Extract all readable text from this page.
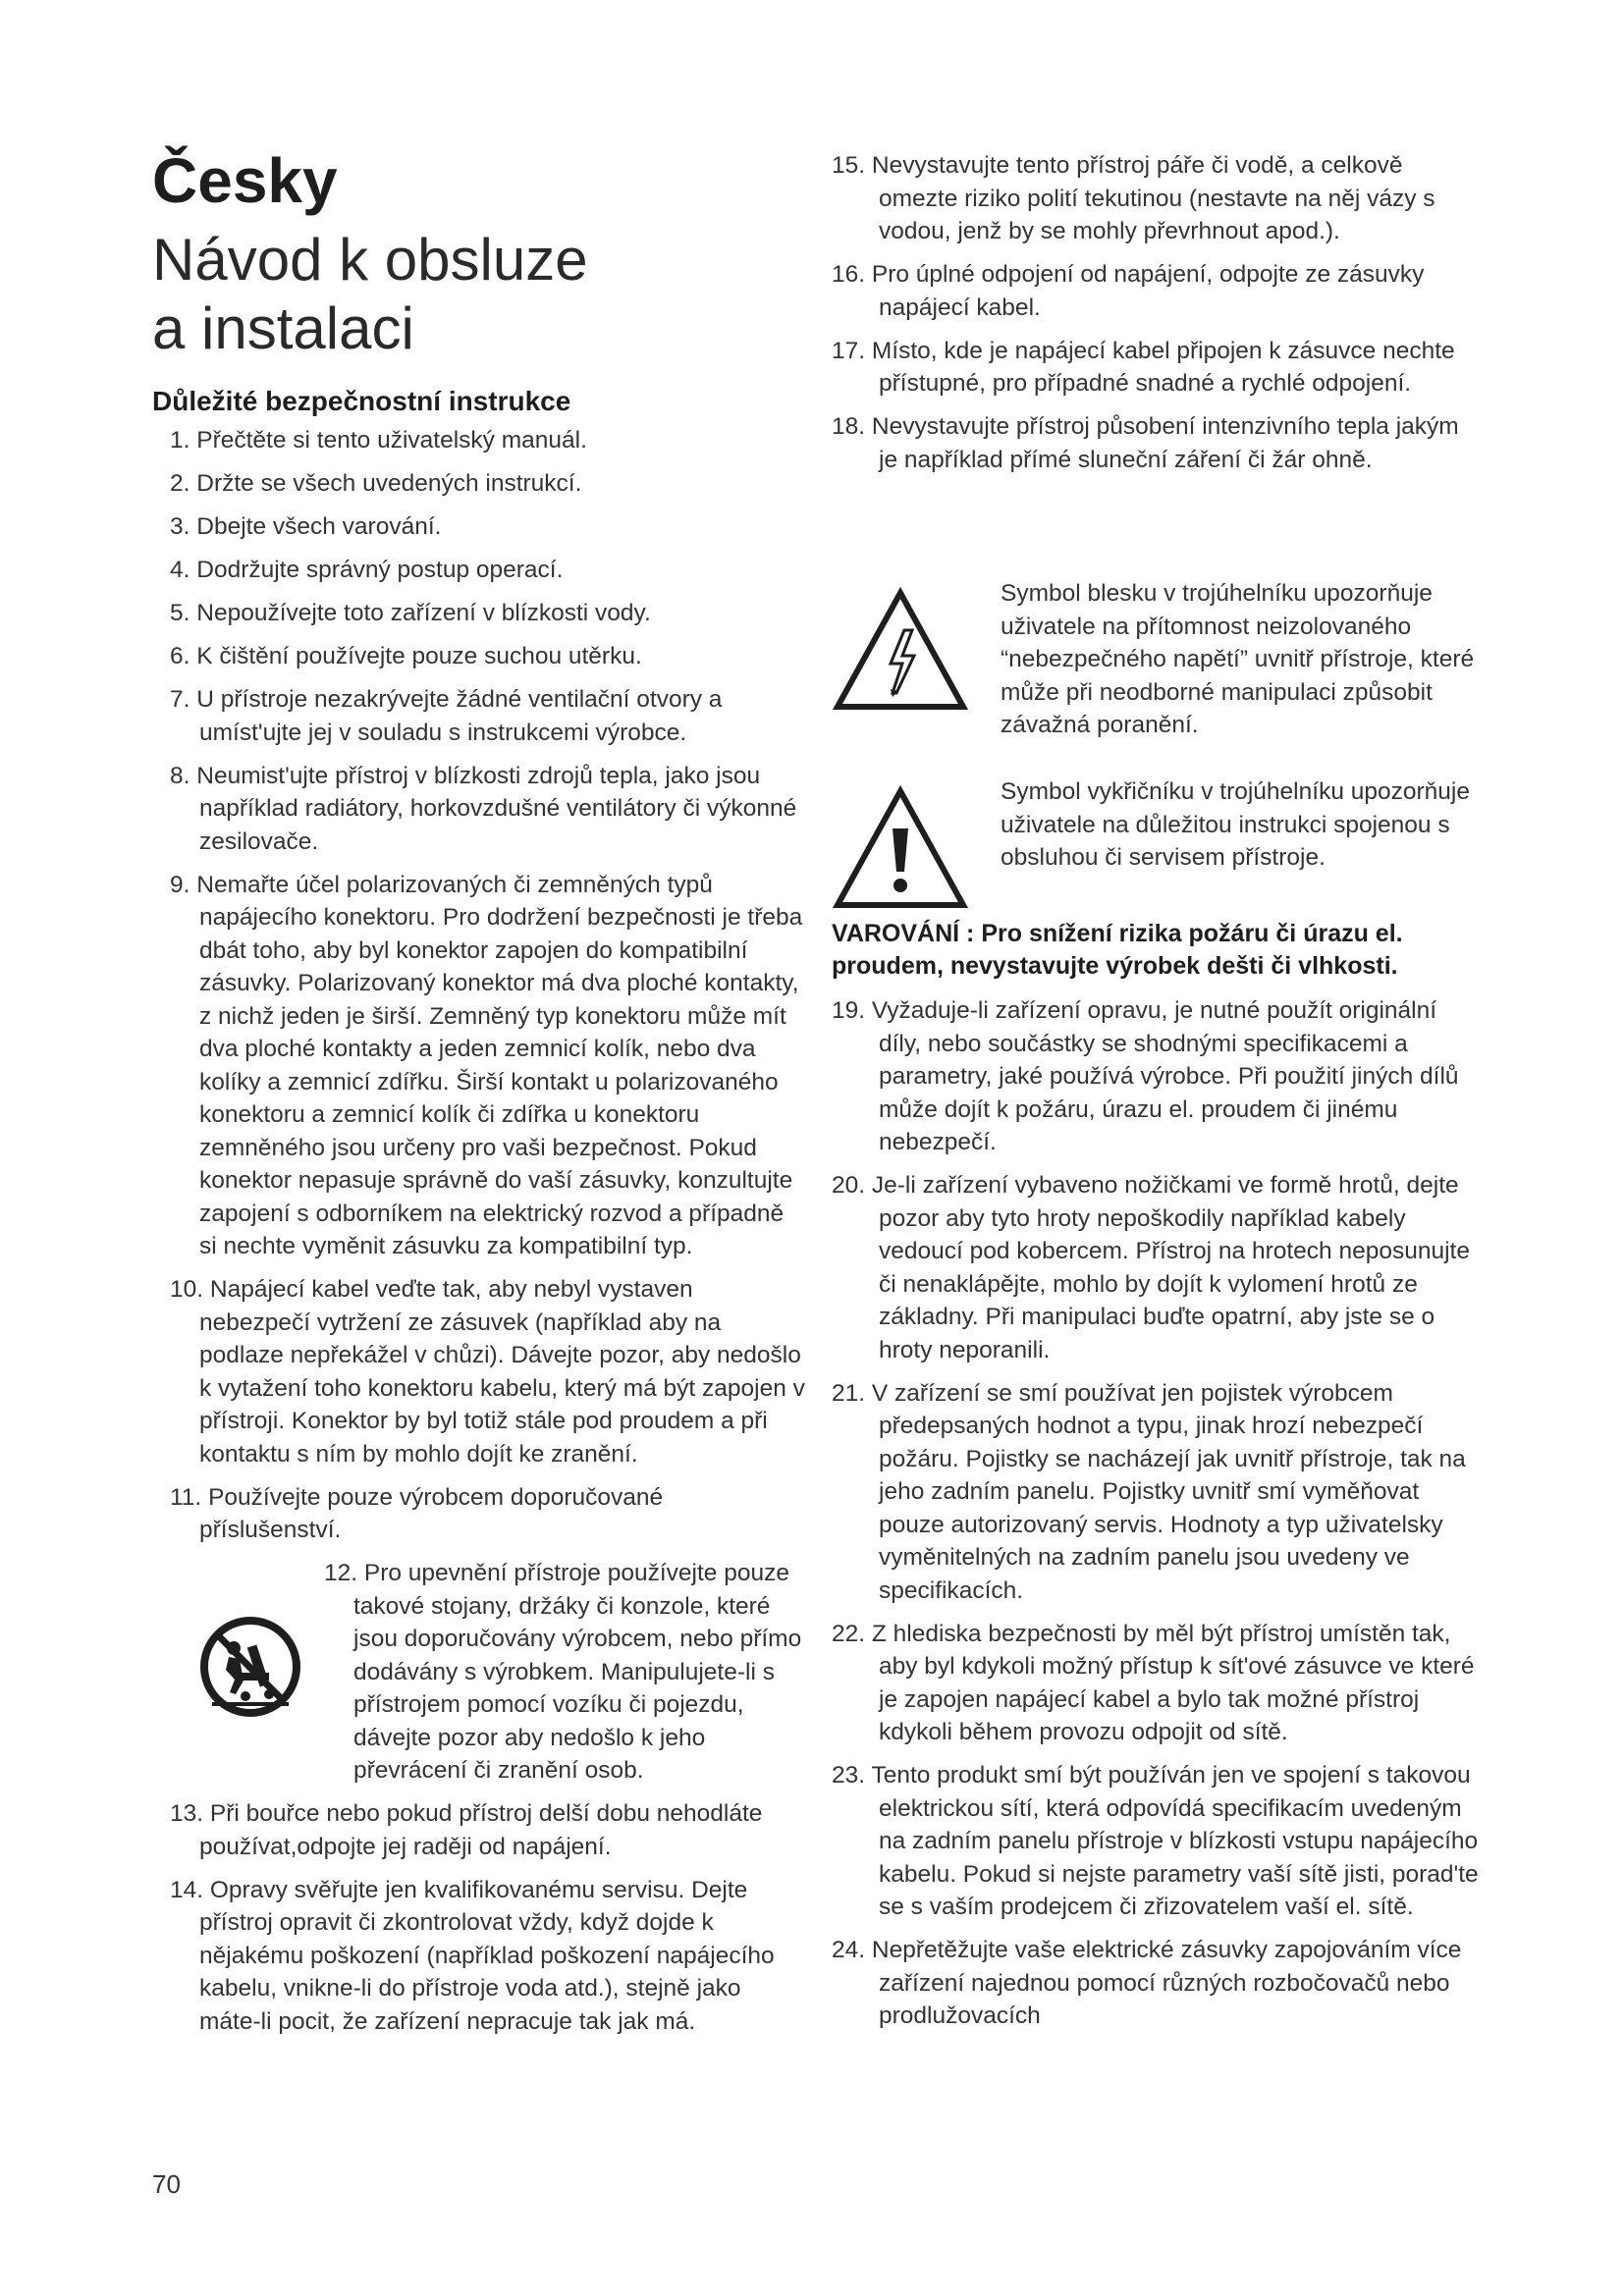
Česky
Návod k obsluze
a instalaci
Důležité bezpečnostní instrukce
1. Přečtěte si tento uživatelský manuál.
2. Držte se všech uvedených instrukcí.
3. Dbejte všech varování.
4. Dodržujte správný postup operací.
5. Nepoužívejte toto zařízení v blízkosti vody.
6. K čištění používejte pouze suchou utěrku.
7. U přístroje nezakrývejte žádné ventilační otvory a umíst'ujte jej v souladu s instrukcemi výrobce.
8. Neumist'ujte přístroj v blízkosti zdrojů tepla, jako jsou například radiátory, horkovzdušné ventilátory či výkonné zesilovače.
9. Nemařte účel polarizovaných či zemněných typů napájecího konektoru. Pro dodržení bezpečnosti je třeba dbát toho, aby byl konektor zapojen do kompatibilní zásuvky. Polarizovaný konektor má dva ploché kontakty, z nichž jeden je širší. Zemněný typ konektoru může mít dva ploché kontakty a jeden zemnicí kolík, nebo dva kolíky a zemnicí zdířku. Širší kontakt u polarizovaného konektoru a zemnicí kolík či zdířka u konektoru zemněného jsou určeny pro vaši bezpečnost. Pokud konektor nepasuje správně do vaší zásuvky, konzultujte zapojení s odborníkem na elektrický rozvod a případně si nechte vyměnit zásuvku za kompatibilní typ.
10. Napájecí kabel veďte tak, aby nebyl vystaven nebezpečí vytržení ze zásuvek (například aby na podlaze nepřekážel v chůzi). Dávejte pozor, aby nedošlo k vytažení toho konektoru kabelu, který má být zapojen v přístroji. Konektor by byl totiž stále pod proudem a při kontaktu s ním by mohlo dojít ke zranění.
11. Používejte pouze výrobcem doporučované příslušenství.
12. Pro upevnění přístroje používejte pouze takové stojany, držáky či konzole, které jsou doporučovány výrobcem, nebo přímo dodávány s výrobkem. Manipulujete-li s přístrojem pomocí vozíku či pojezdu, dávejte pozor aby nedošlo k jeho převrácení či zranění osob.
13. Při bouřce nebo pokud přístroj delší dobu nehodláte používat,odpojte jej raději od napájení.
14. Opravy svěřujte jen kvalifikovanému servisu. Dejte přístroj opravit či zkontrolovat vždy, když dojde k nějakému poškození (například poškození napájecího kabelu, vnikne-li do přístroje voda atd.), stejně jako máte-li pocit, že zařízení nepracuje tak jak má.
15. Nevystavujte tento přístroj páře či vodě, a celkově omezte riziko polití tekutinou (nestavte na něj vázy s vodou, jenž by se mohly převrhnout apod.).
16. Pro úplné odpojení od napájení, odpojte ze zásuvky napájecí kabel.
17. Místo, kde je napájecí kabel připojen k zásuvce nechte přístupné, pro případné snadné a rychlé odpojení.
18. Nevystavujte přístroj působení intenzivního tepla jakým je například přímé sluneční záření či žár ohně.
Symbol blesku v trojúhelníku upozorňuje uživatele na přítomnost neizolovaného “nebezpečného napětí” uvnitř přístroje, které může při neodborné manipulaci způsobit závažná poranění.
Symbol vykřičníku v trojúhelníku upozorňuje uživatele na důležitou instrukci spojenou s obsluhou či servisem přístroje.
VAROVÁNÍ : Pro snížení rizika požáru či úrazu el. proudem, nevystavujte výrobek dešti či vlhkosti.
19. Vyžaduje-li zařízení opravu, je nutné použít originální díly, nebo součástky se shodnými specifikacemi a parametry, jaké používá výrobce. Při použití jiných dílů může dojít k požáru, úrazu el. proudem či jinému nebezpečí.
20. Je-li zařízení vybaveno nožičkami ve formě hrotů, dejte pozor aby tyto hroty nepoškodily například kabely vedoucí pod kobercem. Přístroj na hrotech neposunujte či nenaklápějte, mohlo by dojít k vylomení hrotů ze základny. Při manipulaci buďte opatrní, aby jste se o hroty neporanili.
21. V zařízení se smí používat jen pojistek výrobcem předepsaných hodnot a typu, jinak hrozí nebezpečí požáru. Pojistky se nacházejí jak uvnitř přístroje, tak na jeho zadním panelu. Pojistky uvnitř smí vyměňovat pouze autorizovaný servis. Hodnoty a typ uživatelsky vyměnitelných na zadním panelu jsou uvedeny ve specifikacích.
22. Z hlediska bezpečnosti by měl být přístroj umístěn tak, aby byl kdykoli možný přístup k sít'ové zásuvce ve které je zapojen napájecí kabel a bylo tak možné přístroj kdykoli během provozu odpojit od sítě.
23. Tento produkt smí být používán jen ve spojení s takovou elektrickou sítí, která odpovídá specifikacím uvedeným na zadním panelu přístroje v blízkosti vstupu napájecího kabelu. Pokud si nejste parametry vaší sítě jisti, porad'te se s vaším prodejcem či zřizovatelem vaší el. sítě.
24. Nepřetěžujte vaše elektrické zásuvky zapojováním více zařízení najednou pomocí různých rozbočovačů nebo prodlužovacích
70
